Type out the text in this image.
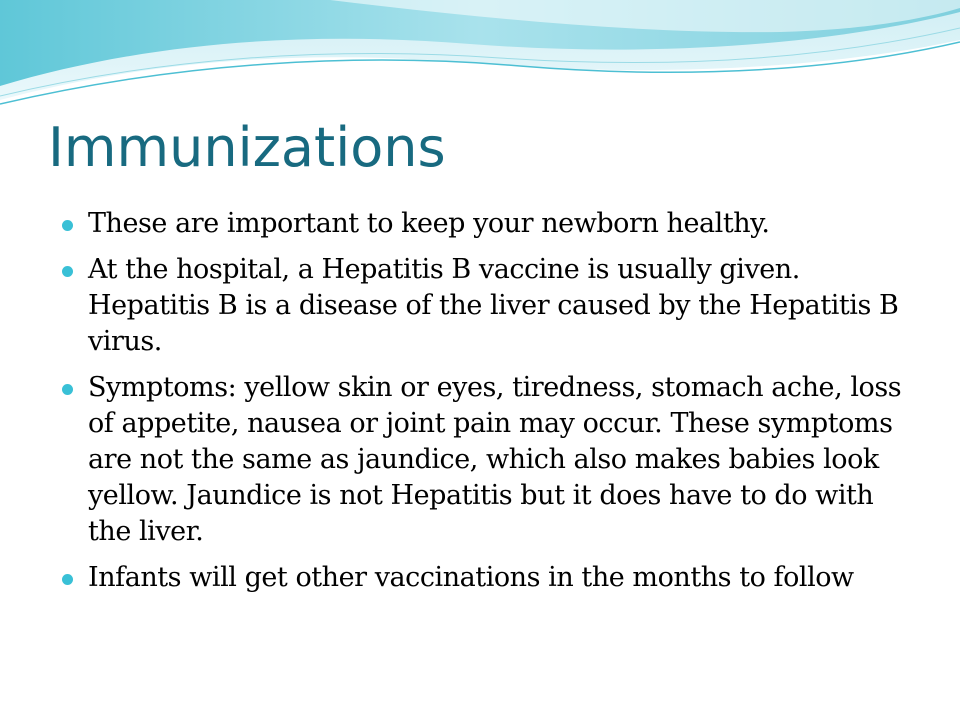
Immunizations
These are important to keep your newborn healthy.
At the hospital, a Hepatitis B vaccine is usually given. Hepatitis B is a disease of the liver caused by the Hepatitis B virus.
Symptoms: yellow skin or eyes, tiredness, stomach ache, loss of appetite, nausea or joint pain may occur. These symptoms are not the same as jaundice, which also makes babies look yellow. Jaundice is not Hepatitis but it does have to do with the liver.
Infants will get other vaccinations in the months to follow
